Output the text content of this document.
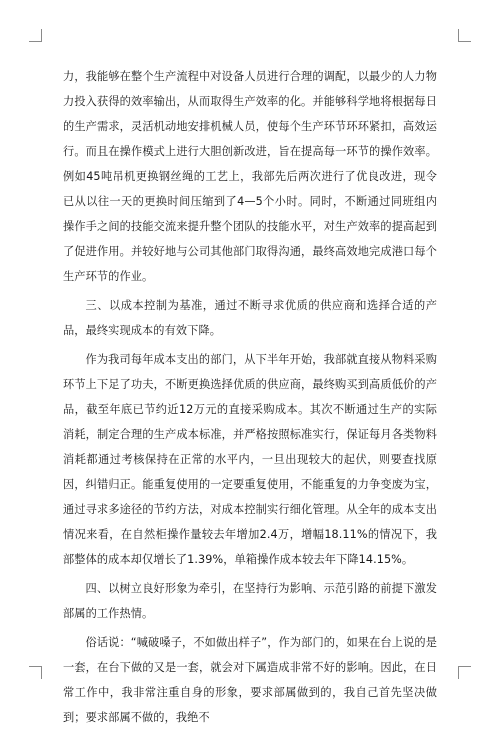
力，我能够在整个生产流程中对设备人员进行合理的调配，以最少的人力物力投入获得的效率输出，从而取得生产效率的化。并能够科学地将根据每日的生产需求，灵活机动地安排机械人员，使每个生产环节环环紧扣，高效运行。而且在操作模式上进行大胆创新改进，旨在提高每一环节的操作效率。例如45吨吊机更换钢丝绳的工艺上，我部先后两次进行了优良改进，现令已从以往一天的更换时间压缩到了4—5个小时。同时，不断通过同班组内操作手之间的技能交流来提升整个团队的技能水平，对生产效率的提高起到了促进作用。并较好地与公司其他部门取得沟通，最终高效地完成港口每个生产环节的作业。

三、以成本控制为基准，通过不断寻求优质的供应商和选择合适的产品，最终实现成本的有效下降。

作为我司每年成本支出的部门，从下半年开始，我部就直接从物料采购环节上下足了功夫，不断更换选择优质的供应商，最终购买到高质低价的产品，截至年底已节约近12万元的直接采购成本。其次不断通过生产的实际消耗，制定合理的生产成本标准，并严格按照标准实行，保证每月各类物料消耗都通过考核保持在正常的水平内，一旦出现较大的起伏，则要查找原因，纠错归正。能重复使用的一定要重复使用，不能重复的力争变废为宝，通过寻求多途径的节约方法，对成本控制实行细化管理。从全年的成本支出情况来看，在自然柜操作量较去年增加2.4万，增幅18.11%的情况下，我部整体的成本却仅增长了1.39%，单箱操作成本较去年下降14.15%。

四、以树立良好形象为牵引，在坚持行为影响、示范引路的前提下激发部属的工作热情。

俗话说：“喊破嗓子，不如做出样子”，作为部门的，如果在台上说的是一套，在台下做的又是一套，就会对下属造成非常不好的影响。因此，在日常工作中，我非常注重自身的形象，要求部属做到的，我自己首先坚决做到；要求部属不做的，我绝不
